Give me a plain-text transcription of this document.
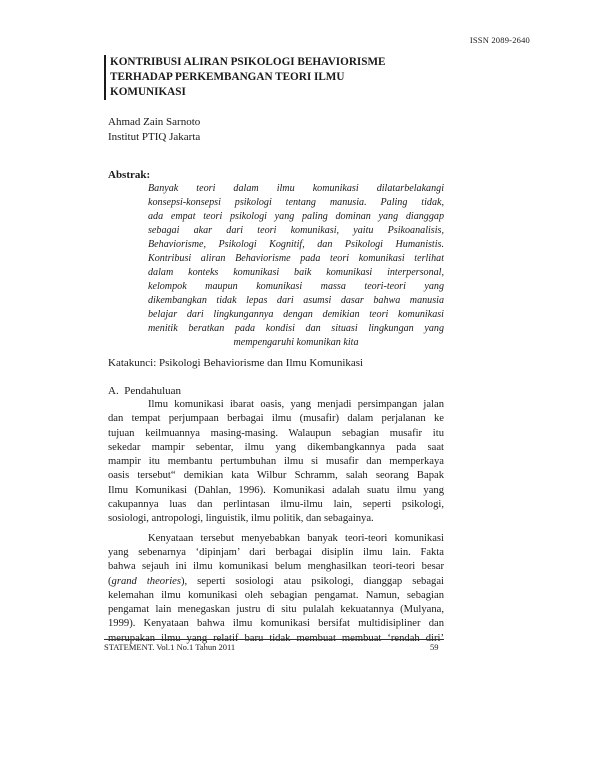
ISSN 2089-2640
KONTRIBUSI ALIRAN PSIKOLOGI BEHAVIORISME
TERHADAP PERKEMBANGAN TEORI ILMU
KOMUNIKASI
Ahmad Zain Sarnoto
Institut PTIQ Jakarta
Abstrak:
Banyak teori dalam ilmu komunikasi dilatarbelakangi
konsepsi-konsepsi psikologi tentang manusia. Paling tidak,
ada empat teori psikologi yang paling dominan yang dianggap
sebagai akar dari teori komunikasi, yaitu Psikoanalisis,
Behaviorisme, Psikologi Kognitif, dan Psikologi Humanistis.
Kontribusi aliran Behaviorisme pada teori komunikasi terlihat
dalam konteks komunikasi baik komunikasi interpersonal,
kelompok maupun komunikasi massa teori-teori yang
dikembangkan tidak lepas dari asumsi dasar bahwa manusia
belajar dari lingkungannya dengan demikian teori komunikasi
menitik beratkan pada kondisi dan situasi lingkungan yang
mempengaruhi komunikan kita
Katakunci: Psikologi Behaviorisme dan Ilmu Komunikasi
A. Pendahuluan
Ilmu komunikasi ibarat oasis, yang menjadi persimpangan jalan
dan tempat perjumpaan berbagai ilmu (musafir) dalam perjalanan ke
tujuan keilmuannya masing-masing. Walaupun sebagian musafir itu
sekedar mampir sebentar, ilmu yang dikembangkannya pada saat
mampir itu membantu pertumbuhan ilmu si musafir dan memperkaya
oasis tersebut“ demikian kata Wilbur Schramm, salah seorang Bapak
Ilmu Komunikasi (Dahlan, 1996). Komunikasi adalah suatu ilmu yang
cakupannya luas dan perlintasan ilmu-ilmu lain, seperti psikologi,
sosiologi, antropologi, linguistik, ilmu politik, dan sebagainya.
Kenyataan tersebut menyebabkan banyak teori-teori komunikasi
yang sebenarnya ‘dipinjam’ dari berbagai disiplin ilmu lain. Fakta
bahwa sejauh ini ilmu komunikasi belum menghasilkan teori-teori besar
(grand theories), seperti sosiologi atau psikologi, dianggap sebagai
kelemahan ilmu komunikasi oleh sebagian pengamat. Namun, sebagian
pengamat lain menegaskan justru di situ pulalah kekuatannya (Mulyana,
1999). Kenyataan bahwa ilmu komunikasi bersifat multidisipliner dan
merupakan ilmu yang relatif baru tidak membuat membuat ‘rendah diri’
STATEMENT. Vol.1 No.1 Tahun 2011	59
